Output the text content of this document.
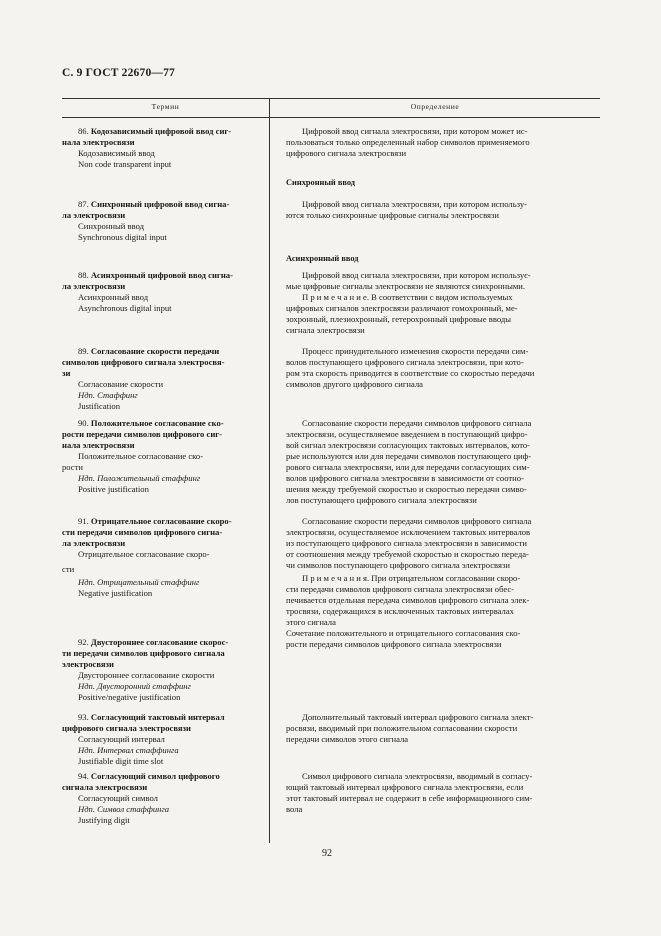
С. 9 ГОСТ 22670—77
Термин	Определение
86. Кодозависимый цифровой ввод сиг-
нала электросвязи
Кодозависимый ввод
Non code transparent input
Цифровой ввод сигнала электросвязи, при котором может ис-
пользоваться только определенный набор символов применяемого
цифрового сигнала электросвязи
Синхронный ввод
87. Синхронный цифровой ввод сигна-
ла электросвязи
Синхронный ввод
Synchronous digital input
Цифровой ввод сигнала электросвязи, при котором использу-
ются только синхронные цифровые сигналы электросвязи
Асинхронный ввод
88. Асинхронный цифровой ввод сигна-
ла электросвязи
Асинхронный ввод
Asynchronous digital input
Цифровой ввод сигнала электросвязи, при котором использує-
мые цифровые сигналы электросвязи не являются синхронными.
П р и м е ч а н и е. В соответствии с видом используемых
цифровых сигналов электросвязи различают гомохронный, ме-
зохронный, плезиохронный, гетерохронный цифровые вводы
сигнала электросвязи
89. Согласование скорости передачи
символов цифрового сигнала электросвя-
зи
Согласование скорости
Ндп. Стаффинг
Justification
Процесс принудительного изменения скорости передачи сим-
волов поступающего цифрового сигнала электросвязи, при кото-
ром эта скорость приводится в соответствие со скоростью передачи
символов другого цифрового сигнала
90. Положительное согласование ско-
рости передачи символов цифрового сиг-
нала электросвязи
Положительное согласование ско-
рости
Ндп. Положительный стаффинг
Positive justification
Согласование скорости передачи символов цифрового сигнала
электросвязи, осуществляемое введением в поступающий цифро-
вой сигнал электросвязи согласующих тактовых интервалов, кото-
рые используются или для передачи символов поступающего циф-
рового сигнала электросвязи, или для передачи согласующих сим-
волов цифрового сигнала электросвязи в зависимости от соотно-
шения между требуемой скоростью и скоростью передачи симво-
лов поступающего цифрового сигнала электросвязи
91. Отрицательное согласование скоро-
сти передачи символов цифрового сигна-
ла электросвязи
Отрицательное согласование скоро-
сти
Ндп. Отрицательный стаффинг
Negative justification
Согласование скорости передачи символов цифрового сигнала
электросвязи, осуществляемое исключением тактовых интервалов
из поступающего цифрового сигнала электросвязи в зависимости
от соотношения между требуемой скоростью и скоростью переда-
чи символов поступающего цифрового сигнала электросвязи
П р и м е ч а н и я. При отрицательном согласовании скоро-
сти передачи символов цифрового сигнала электросвязи обес-
печивается отдельная передача символов цифрового сигнала элек-
тросвязи, содержащихся в исключенных тактовых интервалах
этого сигнала
Сочетание положительного и отрицательного согласования ско-
рости передачи символов цифрового сигнала электросвязи
92. Двустороннее согласование скорос-
ти передачи символов цифрового сигнала
электросвязи
Двустороннее согласование скорости
Ндп. Двусторонний стаффинг
Positive/negative justification
93. Согласующий тактовый интервал
цифрового сигнала электросвязи
Согласующий интервал
Ндп. Интервал стаффинга
Justifiable digit time slot
Дополнительный тактовый интервал цифрового сигнала элект-
росвязи, вводимый при положительном согласовании скорости
передачи символов этого сигнала
94. Согласующий символ цифрового
сигнала электросвязи
Согласующий символ
Ндп. Символ стаффинга
Justifying digit
Символ цифрового сигнала электросвязи, вводимый в согласу-
ющий тактовый интервал цифрового сигнала электросвязи, если
этот тактовый интервал не содержит в себе информационного сим-
вола
92
